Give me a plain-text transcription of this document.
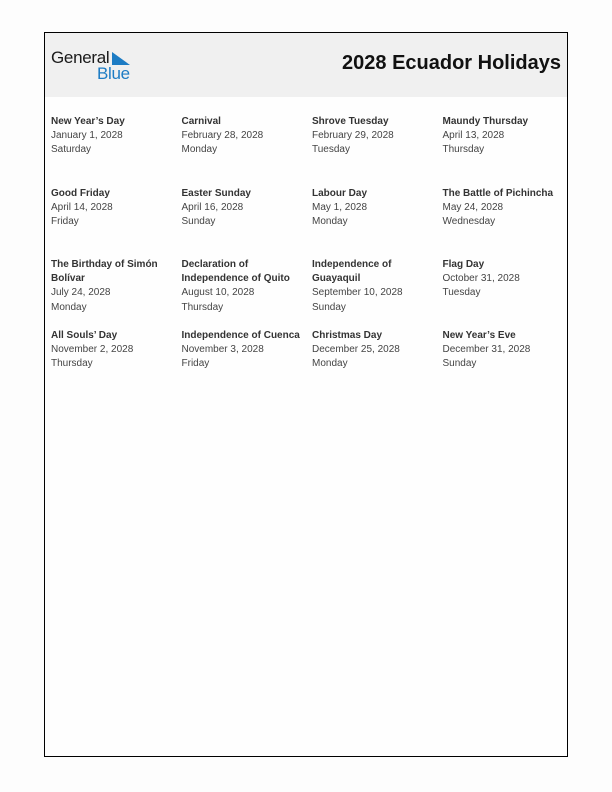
General
Blue	2028 Ecuador Holidays
New Year’s Day
January 1, 2028
Saturday
Carnival
February 28, 2028
Monday
Shrove Tuesday
February 29, 2028
Tuesday
Maundy Thursday
April 13, 2028
Thursday
Good Friday
April 14, 2028
Friday
Easter Sunday
April 16, 2028
Sunday
Labour Day
May 1, 2028
Monday
The Battle of Pichincha
May 24, 2028
Wednesday
The Birthday of Simón Bolívar
July 24, 2028
Monday
Declaration of Independence of Quito
August 10, 2028
Thursday
Independence of Guayaquil
September 10, 2028
Sunday
Flag Day
October 31, 2028
Tuesday
All Souls’ Day
November 2, 2028
Thursday
Independence of Cuenca
November 3, 2028
Friday
Christmas Day
December 25, 2028
Monday
New Year’s Eve
December 31, 2028
Sunday
